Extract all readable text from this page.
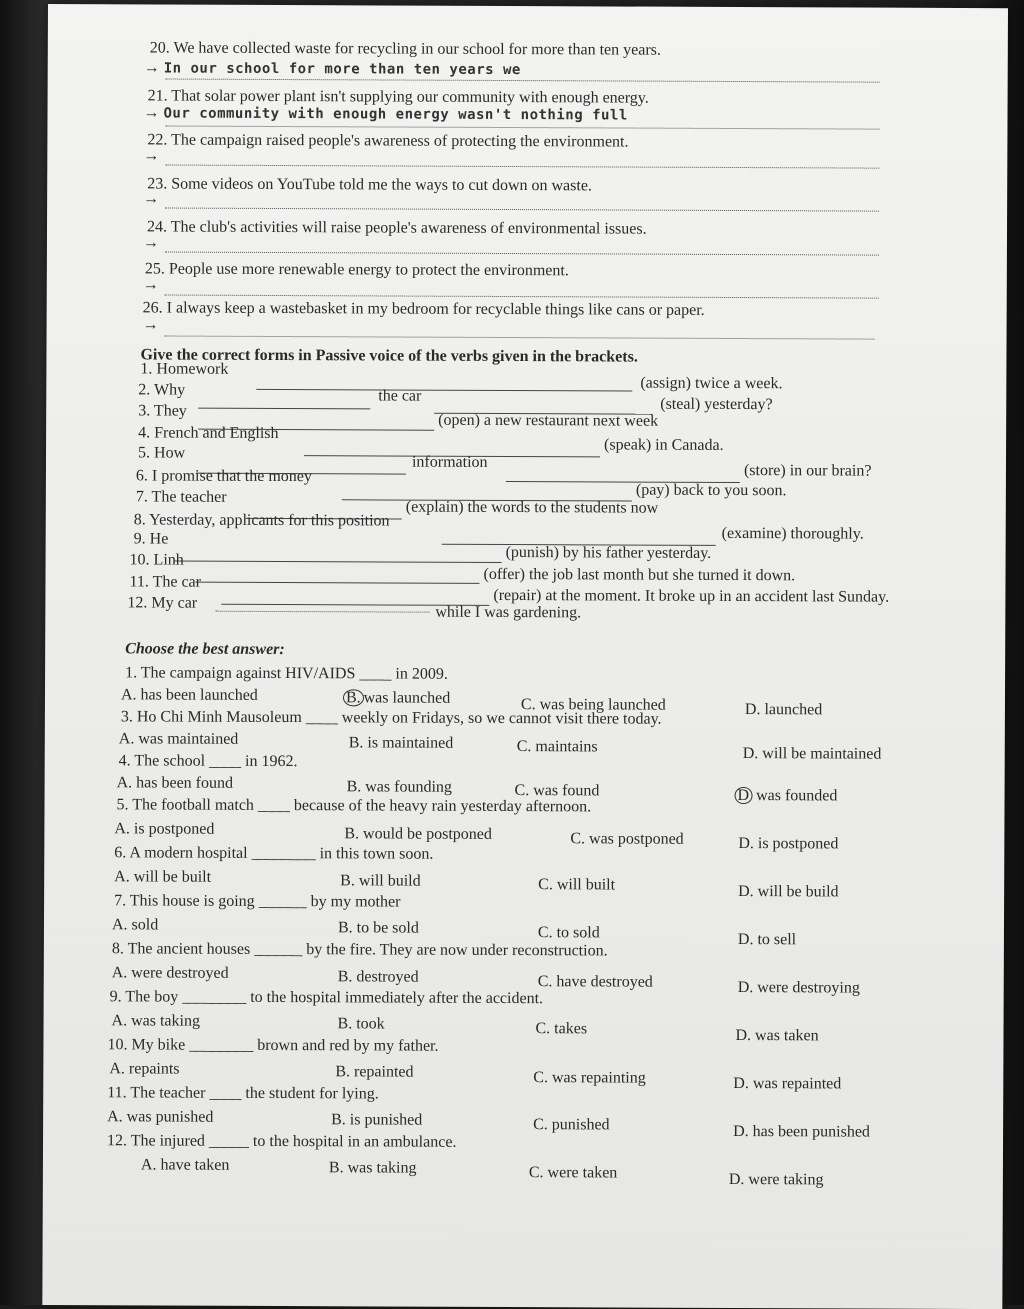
20. We have collected waste for recycling in our school for more than ten years.
→ In our school for more than ten years we
21. That solar power plant isn't supplying our community with enough energy.
→ Our community with enough energy wasn't nothing full
22. The campaign raised people's awareness of protecting the environment.
→
23. Some videos on YouTube told me the ways to cut down on waste.
→
24. The club's activities will raise people's awareness of environmental issues.
→
25. People use more renewable energy to protect the environment.
→
26. I always keep a wastebasket in my bedroom for recyclable things like cans or paper.
→
Give the correct forms in Passive voice of the verbs given in the brackets.
1. Homework
(assign) twice a week.
2. Why	the car	(steal) yesterday?
3. They
(open) a new restaurant next week
4. French and English
(speak) in Canada.
5. How
information	(store) in our brain?
6. I promise that the money
(pay) back to you soon.
7. The teacher
(explain) the words to the students now
8. Yesterday, applicants for this position
(examine) thoroughly.
9. He
(punish) by his father yesterday.
10. Linh
(offer) the job last month but she turned it down.
11. The car
(repair) at the moment. It broke up in an accident last Sunday.
12. My car
while I was gardening.
Choose the best answer:
1. The campaign against HIV/AIDS ____ in 2009.
A. has been launched	B. was launched	C. was being launched	D. launched
3. Ho Chi Minh Mausoleum ____ weekly on Fridays, so we cannot visit there today.
A. was maintained	B. is maintained	C. maintains	D. will be maintained
4. The school ____ in 1962.
A. has been found	B. was founding	C. was found	D was founded
5. The football match ____ because of the heavy rain yesterday afternoon.
A. is postponed	B. would be postponed	C. was postponed	D. is postponed
6. A modern hospital ________ in this town soon.
A. will be built	B. will build	C. will built	D. will be build
7. This house is going ______ by my mother
A. sold	B. to be sold	C. to sold	D. to sell
8. The ancient houses ______ by the fire. They are now under reconstruction.
A. were destroyed	B. destroyed	C. have destroyed	D. were destroying
9. The boy ________ to the hospital immediately after the accident.
A. was taking	B. took	C. takes	D. was taken
10. My bike ________ brown and red by my father.
A. repaints	B. repainted	C. was repainting	D. was repainted
11. The teacher ____ the student for lying.
A. was punished	B. is punished	C. punished	D. has been punished
12. The injured _____ to the hospital in an ambulance.
A. have taken	B. was taking	C. were taken	D. were taking
